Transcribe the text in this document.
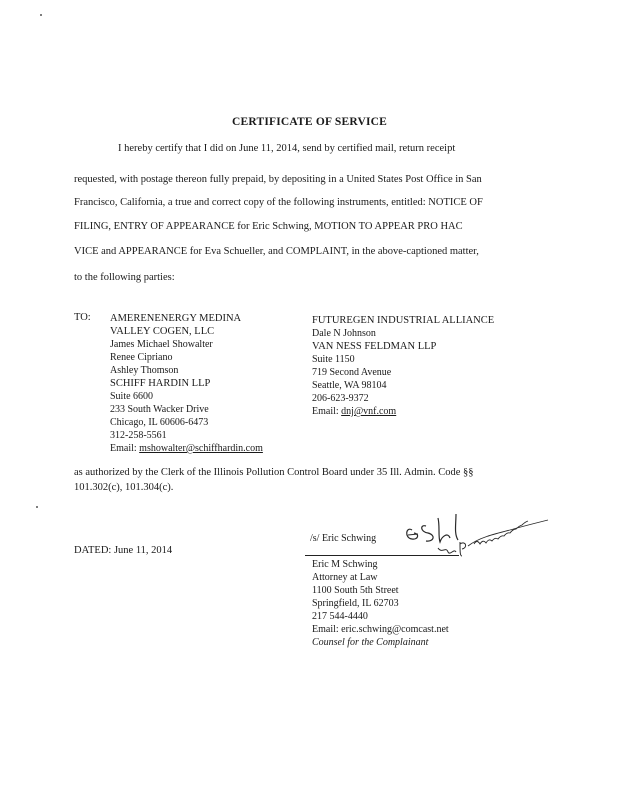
CERTIFICATE OF SERVICE
I hereby certify that I did on June 11, 2014, send by certified mail, return receipt
requested, with postage thereon fully prepaid, by depositing in a United States Post Office in San
Francisco, California, a true and correct copy of the following instruments, entitled: NOTICE OF
FILING, ENTRY OF APPEARANCE for Eric Schwing, MOTION TO APPEAR PRO HAC
VICE and APPEARANCE for Eva Schueller, and COMPLAINT, in the above-captioned matter,
to the following parties:
TO: AMERENENERGY MEDINA
VALLEY COGEN, LLC
James Michael Showalter
Renee Cipriano
Ashley Thomson
SCHIFF HARDIN LLP
Suite 6600
233 South Wacker Drive
Chicago, IL 60606-6473
312-258-5561
Email: mshowalter@schiffhardin.com
FUTUREGEN INDUSTRIAL ALLIANCE
Dale N Johnson
VAN NESS FELDMAN LLP
Suite 1150
719 Second Avenue
Seattle, WA 98104
206-623-9372
Email: dnj@vnf.com
as authorized by the Clerk of the Illinois Pollution Control Board under 35 Ill. Admin. Code §§
101.302(c), 101.304(c).
DATED: June 11, 2014
/s/ Eric Schwing
Eric M Schwing
Attorney at Law
1100 South 5th Street
Springfield, IL 62703
217 544-4440
Email: eric.schwing@comcast.net
Counsel for the Complainant
